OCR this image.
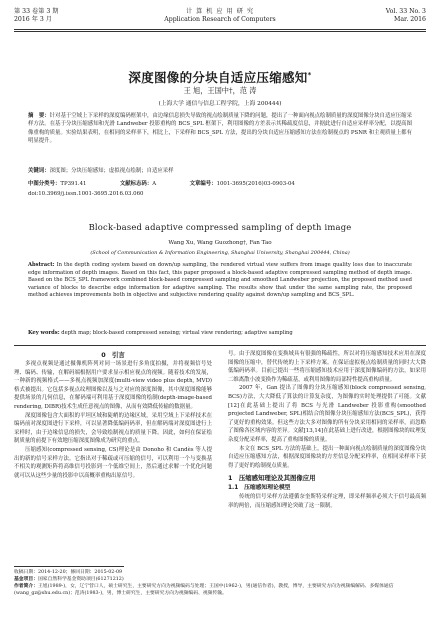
第 33 卷第 3 期
2016 年 3 月
计 算 机 应 用 研 究
Application Research of Computers
Vol. 33 No. 3
Mar. 2016
深度图像的分块自适应压缩感知*
王 旭，王国中†，范 涛
(上海大学 通信与信息工程学院，上海 200444)
摘　要：针对基于空域上下采样的深度编码框架中，由边缘信息损失导致的视点绘制质量下降的问题，提出了一种面向视点绘制质量的深度图像分块自适应压缩采样方法。在基于分块压缩感知和光滑 Landweber 投影重构的 BCS_SPL 框架下，利用图像的方差表示其稀疏度信息，并据此进行自适应采样率分配，以提高图像重构的质量。实验结果表明，在相同的采样率下，相比上，下采样和 BCS_SPL 方法，提出的分块自适应压缩感知方法在绘制视点的 PSNR 和主观质量上都有明显提升。
关键词：深度图；分块压缩感知；虚拟视点绘制；自适应采样
中图分类号：TP391.41	文献标志码：A	文章编号：1001-3695(2016)03-0903-04
doi:10.3969/j.issn.1001-3695.2016.03.060
Block-based adaptive compressed sampling of depth image
Wang Xu, Wang Guozhong†, Fan Tao
(School of Communication & Information Engineering, Shanghai University, Shanghai 200444, China)
Abstract: In the depth coding system based on down/up sampling, the rendered virtual view suffers from image quality loss due to inaccurate edge information of depth images. Based on this fact, this paper proposed a block-based adaptive compressed sampling method of depth image. Based on the BCS_SPL framework combined block-based compressed sampling and smoothed Landweber projection, the proposed method used variance of blocks to describe edge information for adaptive sampling. The results show that under the same sampling rate, the proposed method achieves improvements both in objective and subjective rendering quality against down/up sampling and BCS_SPL.
Key words: depth map; block-based compressed sensing; virtual view rendering; adaptive sampling
0　引言

多视点视频是通过摄像机阵列对同一场景进行多角度拍摄，并将视频信号处理、编码、传输，在解码端根据用户要求显示相应视点的视频。随着技术的发展，一种新的视频格式——多视点视频加深度(multi-view video plus depth, MVD)格式被提出。它包括多视点纹理图像以及与之对应的深度图像，其中深度图像能够提供场景的几何信息，在解码端可利用基于深度图像的绘制(depth-image-based rendering, DIBR)技术生成任意视点的图像，从而有效降低传输的数据量。

深度图像包含大面积的平坦区域和陡峭的边缘区域，采用空域上下采样技术在编码前对深度图进行下采样，可以显著降低编码码率，但在解码端对深度图进行上采样时，由于边缘信息的损失，会导致绘制视点的质量下降。因此，如何在保证绘制质量的前提下有效地压缩深度图像成为研究的重点。

压缩感知(compressed sensing, CS)理论是由 Donoho 和 Candès 等人提出的新的信号采样方法。它指出对于稀疏或可压缩的信号，可以利用一个与变换基不相关的观测矩阵将高维信号投影到一个低维空间上，然后通过求解一个优化问题就可以从这些少量的投影中以高概率重构出原信号。

号。由于深度图像在变换域具有很强的稀疏性，所以对将压缩感知技术应用在深度图像的压缩中，替代传统的上下采样方案。在保证虚拟视点绘制质量的同时大大降低编码码率。目前已提出一些将压缩感知技术应用于深度图像编码的方法，如采用二维离散小波变换作为稀疏基，或利用图像的局部特性提高重构质量。

2007 年，Gan 提出了图像的分块压缩感知(block compressed sensing, BCS)方法，大大降低了算法的计算复杂度，为图像的实时处理提供了可能。文献[12]在此基础上提出了将 BCS 与光滑 Landweber 投影重构(smoothed projected Landweber, SPL)相结合的图像分块压缩感知方法(BCS_SPL)，获得了更好的重构效果。但这些方法大多对图像的所有分块采用相同的采样率，而忽略了图像各区域内容的差异。文献[13,14]在此基础上进行改进，根据图像块的纹理复杂度分配采样率，提高了重构图像的质量。

本文在 BCS_SPL 方法的基础上，提出一种面向视点绘制质量的深度图像分块自适应压缩感知方法，根据深度图像块的方差信息分配采样率，在相同采样率下获得了更好的绘制视点质量。

1　压缩感知理论及其图像应用
1.1　压缩感知理论模型

传统的信号采样方法遵循奈奎斯特采样定理，即采样频率必须大于信号最高频率的两倍，而压缩感知理论突破了这一限制。

收稿日期：2014-12-20；修回日期：2015-02-09
基金项目：国家自然科学基金资助项目(61271212)
作者简介：王旭(1989-)，女，辽宁营口人，硕士研究生，主要研究方向为视频编码与处理；王国中(1962-)，男(通信作者)，教授，博导，主要研究方向为视频编解码、多媒体通信(wang_gz@shu.edu.cn)；范涛(1983-)，男，博士研究生，主要研究方向为视频编码、视频传输。
